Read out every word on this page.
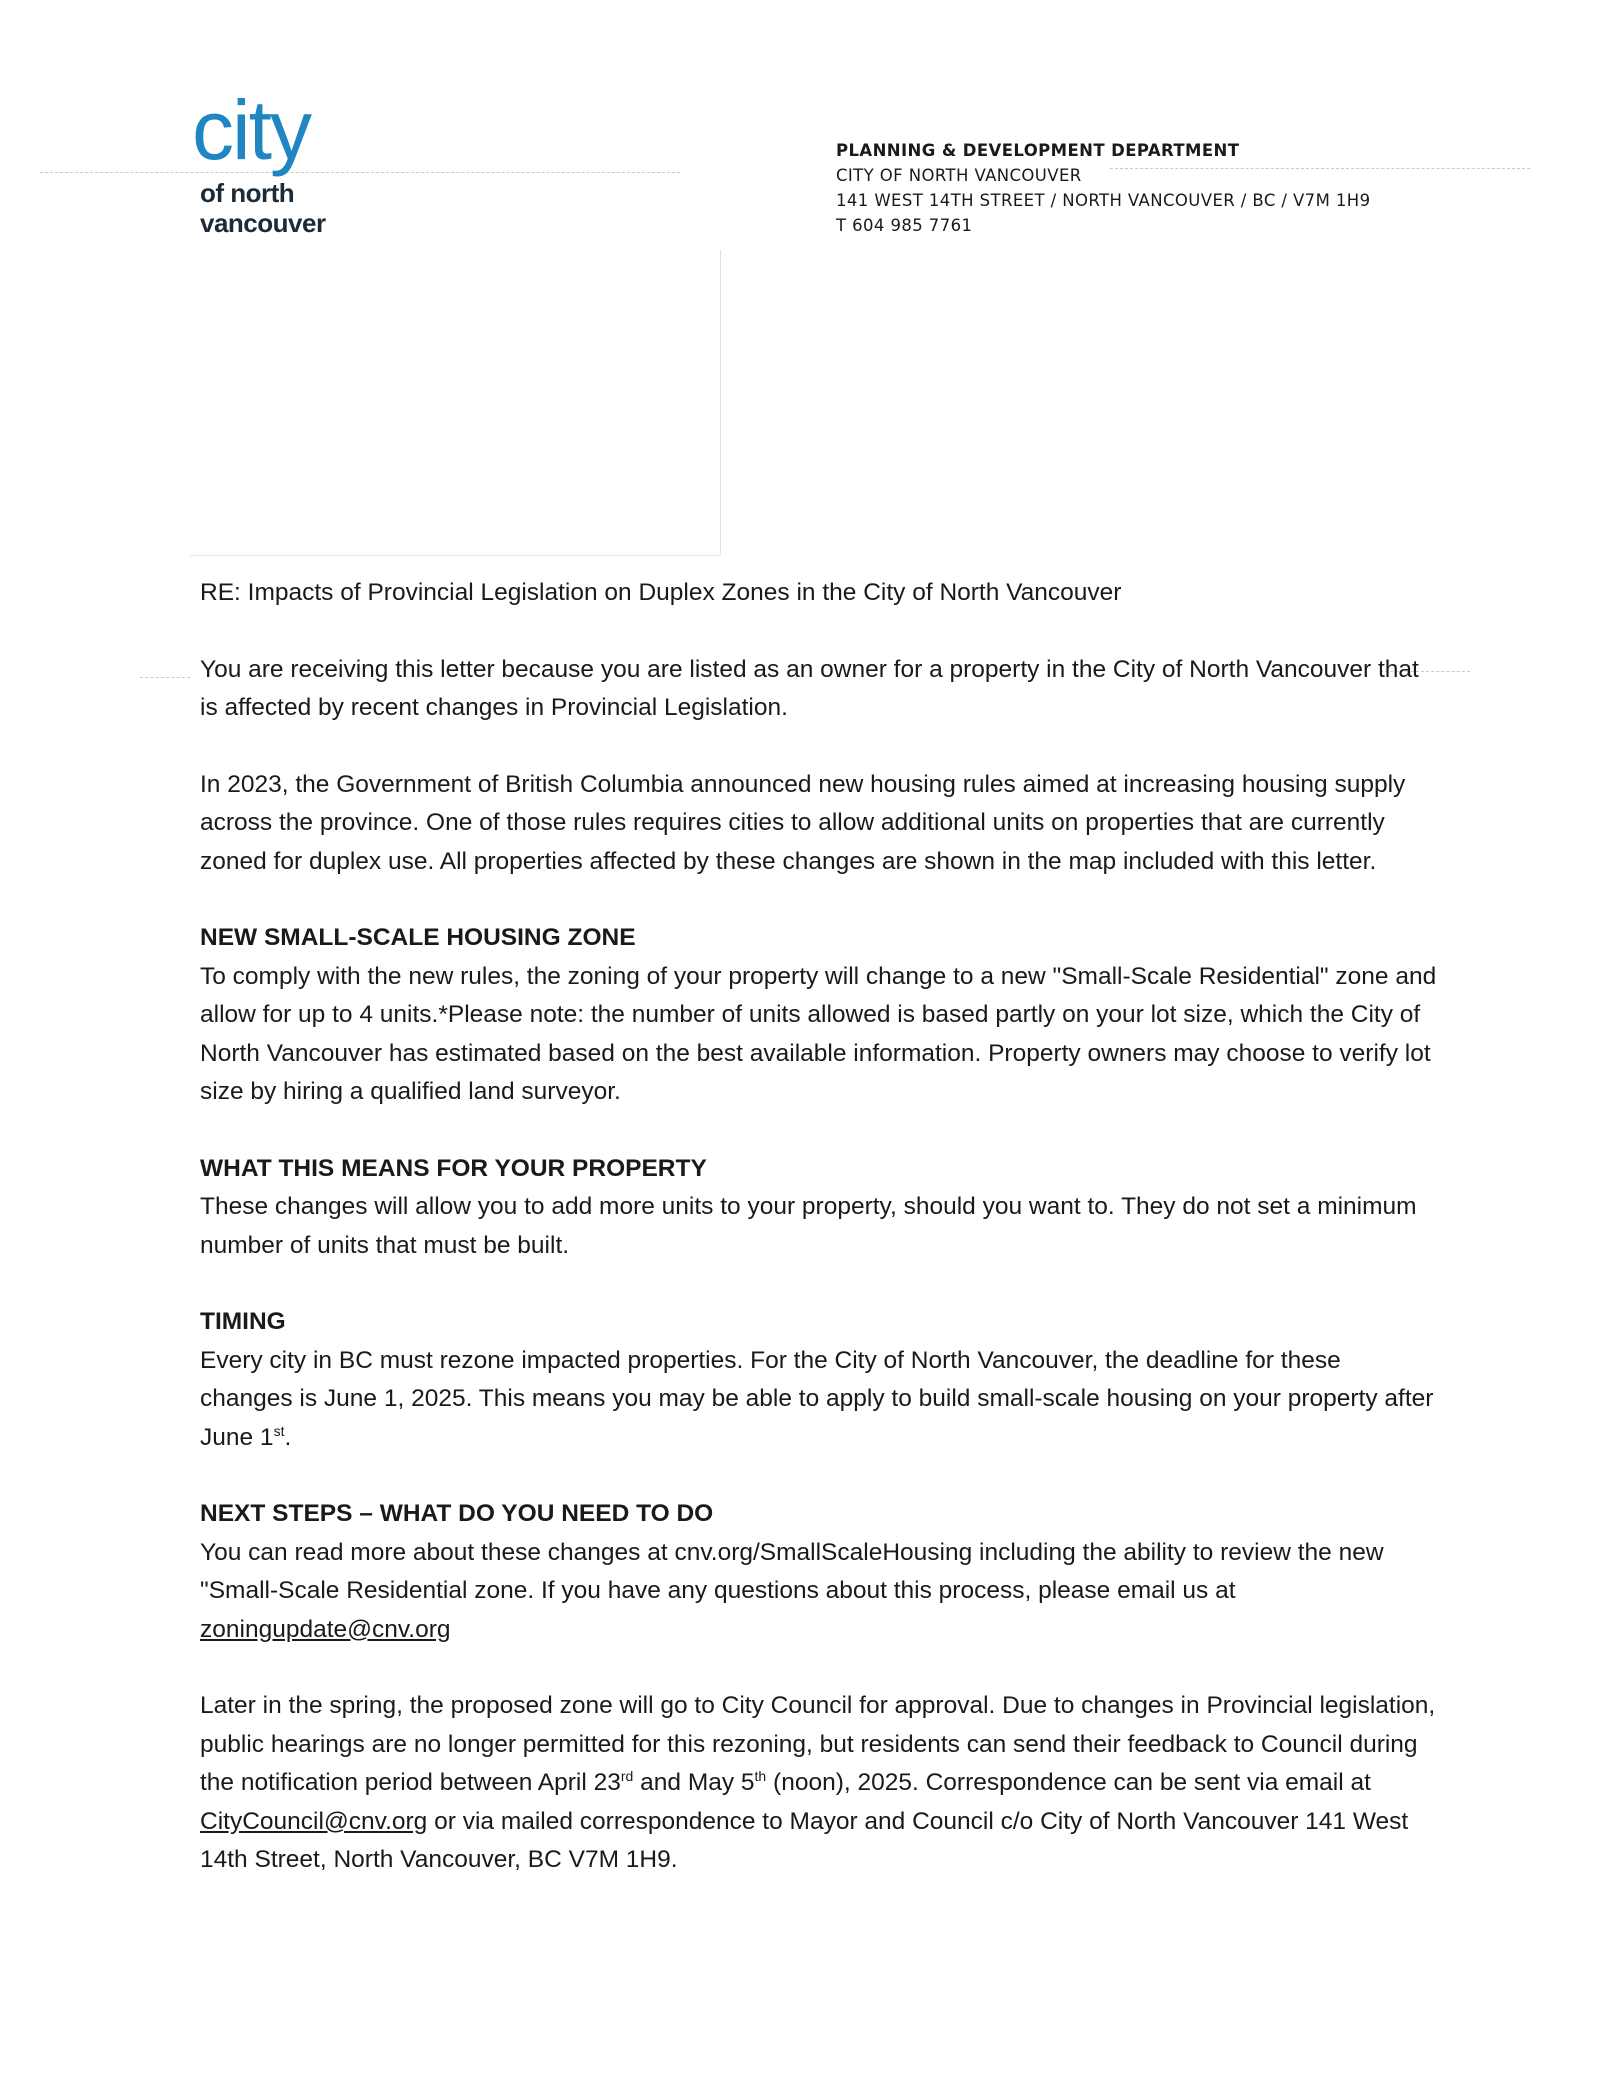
city
of north
vancouver
PLANNING & DEVELOPMENT DEPARTMENT
CITY OF NORTH VANCOUVER
141 WEST 14TH STREET / NORTH VANCOUVER / BC / V7M 1H9
T 604 985 7761

RE: Impacts of Provincial Legislation on Duplex Zones in the City of North Vancouver

You are receiving this letter because you are listed as an owner for a property in the City of North Vancouver that is affected by recent changes in Provincial Legislation.

In 2023, the Government of British Columbia announced new housing rules aimed at increasing housing supply across the province. One of those rules requires cities to allow additional units on properties that are currently zoned for duplex use. All properties affected by these changes are shown in the map included with this letter.

NEW SMALL-SCALE HOUSING ZONE

To comply with the new rules, the zoning of your property will change to a new "Small-Scale Residential" zone and allow for up to 4 units.*Please note: the number of units allowed is based partly on your lot size, which the City of North Vancouver has estimated based on the best available information. Property owners may choose to verify lot size by hiring a qualified land surveyor.

WHAT THIS MEANS FOR YOUR PROPERTY

These changes will allow you to add more units to your property, should you want to. They do not set a minimum number of units that must be built.

TIMING

Every city in BC must rezone impacted properties. For the City of North Vancouver, the deadline for these changes is June 1, 2025. This means you may be able to apply to build small-scale housing on your property after June 1st.

NEXT STEPS – WHAT DO YOU NEED TO DO

You can read more about these changes at cnv.org/SmallScaleHousing including the ability to review the new "Small-Scale Residential zone. If you have any questions about this process, please email us at zoningupdate@cnv.org

Later in the spring, the proposed zone will go to City Council for approval. Due to changes in Provincial legislation, public hearings are no longer permitted for this rezoning, but residents can send their feedback to Council during the notification period between April 23rd and May 5th (noon), 2025. Correspondence can be sent via email at CityCouncil@cnv.org or via mailed correspondence to Mayor and Council c/o City of North Vancouver 141 West 14th Street, North Vancouver, BC V7M 1H9.
